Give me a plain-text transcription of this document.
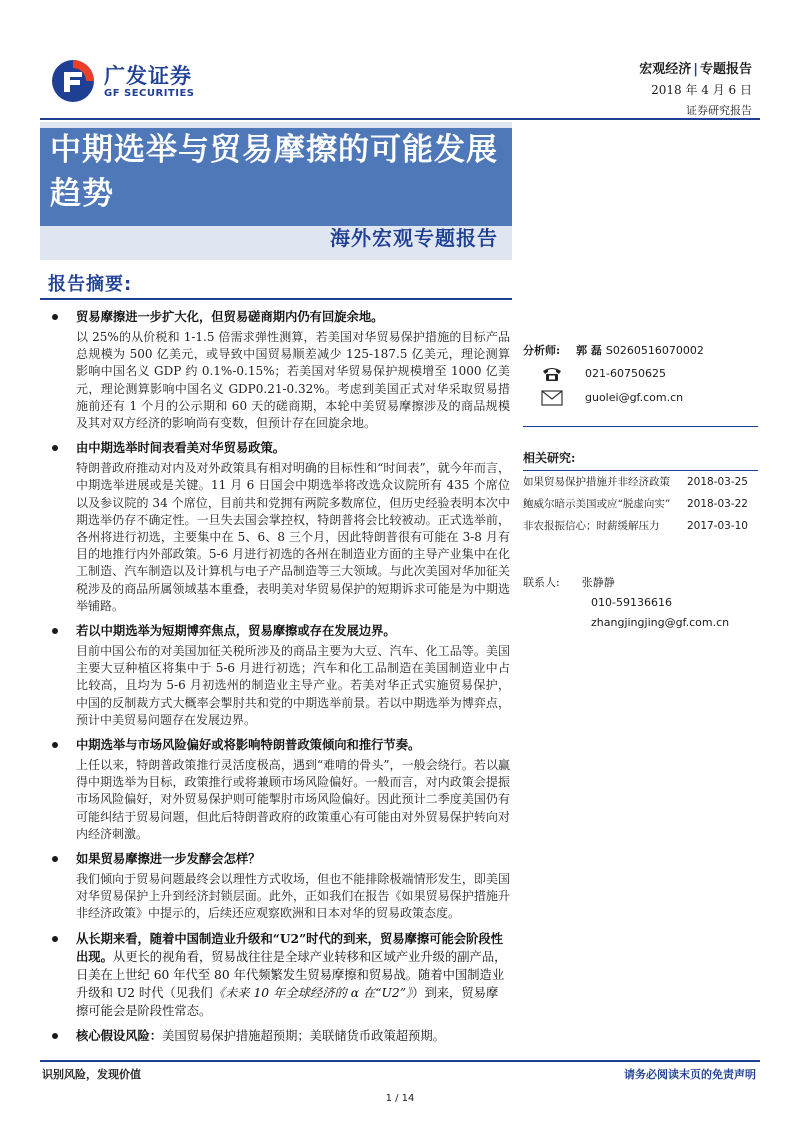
广发证券
GF SECURITIES
宏观经济 | 专题报告
2018 年 4 月 6 日
证券研究报告
中期选举与贸易摩擦的可能发展趋势
海外宏观专题报告
报告摘要:
贸易摩擦进一步扩大化，但贸易磋商期内仍有回旋余地。
以 25%的从价税和 1-1.5 倍需求弹性测算，若美国对华贸易保护措施的目标产品总规模为 500 亿美元，或导致中国贸易顺差减少 125-187.5 亿美元，理论测算影响中国名义 GDP 约 0.1%-0.15%；若美国对华贸易保护规模增至 1000 亿美元，理论测算影响中国名义 GDP0.21-0.32%。考虑到美国正式对华采取贸易措施前还有 1 个月的公示期和 60 天的磋商期，本轮中美贸易摩擦涉及的商品规模及其对双方经济的影响尚有变数，但预计存在回旋余地。
由中期选举时间表看美对华贸易政策。
特朗普政府推动对内及对外政策具有相对明确的目标性和“时间表”，就今年而言，中期选举进展或是关键。11 月 6 日国会中期选举将改选众议院所有 435 个席位以及参议院的 34 个席位，目前共和党拥有两院多数席位，但历史经验表明本次中期选举仍存不确定性。一旦失去国会掌控权，特朗普将会比较被动。正式选举前，各州将进行初选，主要集中在 5、6、8 三个月，因此特朗普很有可能在 3-8 月有目的地推行内外部政策。5-6 月进行初选的各州在制造业方面的主导产业集中在化工制造、汽车制造以及计算机与电子产品制造等三大领域。与此次美国对华加征关税涉及的商品所属领域基本重叠，表明美对华贸易保护的短期诉求可能是为中期选举铺路。
若以中期选举为短期博弈焦点，贸易摩擦或存在发展边界。
目前中国公布的对美国加征关税所涉及的商品主要为大豆、汽车、化工品等。美国主要大豆种植区将集中于 5-6 月进行初选；汽车和化工品制造在美国制造业中占比较高，且均为 5-6 月初选州的制造业主导产业。若美对华正式实施贸易保护，中国的反制裁方式大概率会掣肘共和党的中期选举前景。若以中期选举为博弈点，预计中美贸易问题存在发展边界。
中期选举与市场风险偏好或将影响特朗普政策倾向和推行节奏。
上任以来，特朗普政策推行灵活度极高，遇到“难啃的骨头”，一般会绕行。若以赢得中期选举为目标，政策推行或将兼顾市场风险偏好。一般而言，对内政策会提振市场风险偏好，对外贸易保护则可能掣肘市场风险偏好。因此预计二季度美国仍有可能纠结于贸易问题，但此后特朗普政府的政策重心有可能由对外贸易保护转向对内经济刺激。
如果贸易摩擦进一步发酵会怎样？
我们倾向于贸易问题最终会以理性方式收场，但也不能排除极端情形发生，即美国对华贸易保护上升到经济封锁层面。此外，正如我们在报告《如果贸易保护措施升非经济政策》中提示的，后续还应观察欧洲和日本对华的贸易政策态度。
从长期来看，随着中国制造业升级和“U2”时代的到来，贸易摩擦可能会阶段性出现。从更长的视角看，贸易战往往是全球产业转移和区域产业升级的副产品，日美在上世纪 60 年代至 80 年代频繁发生贸易摩擦和贸易战。随着中国制造业升级和 U2 时代（见我们《未来 10 年全球经济的 α 在“U2”》）到来，贸易摩擦可能会是阶段性常态。
核心假设风险：美国贸易保护措施超预期；美联储货币政策超预期。
分析师: 郭 磊 S0260516070002
021-60750625
guolei@gf.com.cn
相关研究:
如果贸易保护措施并非经济政策 2018-03-25
鲍威尔暗示美国或应“脱虚向实” 2018-03-22
非农报振信心；时薪缓解压力	2017-03-10
联系人: 张静静
010-59136616
zhangjingjing@gf.com.cn
识别风险，发现价值	请务必阅读末页的免责声明
1 / 14
